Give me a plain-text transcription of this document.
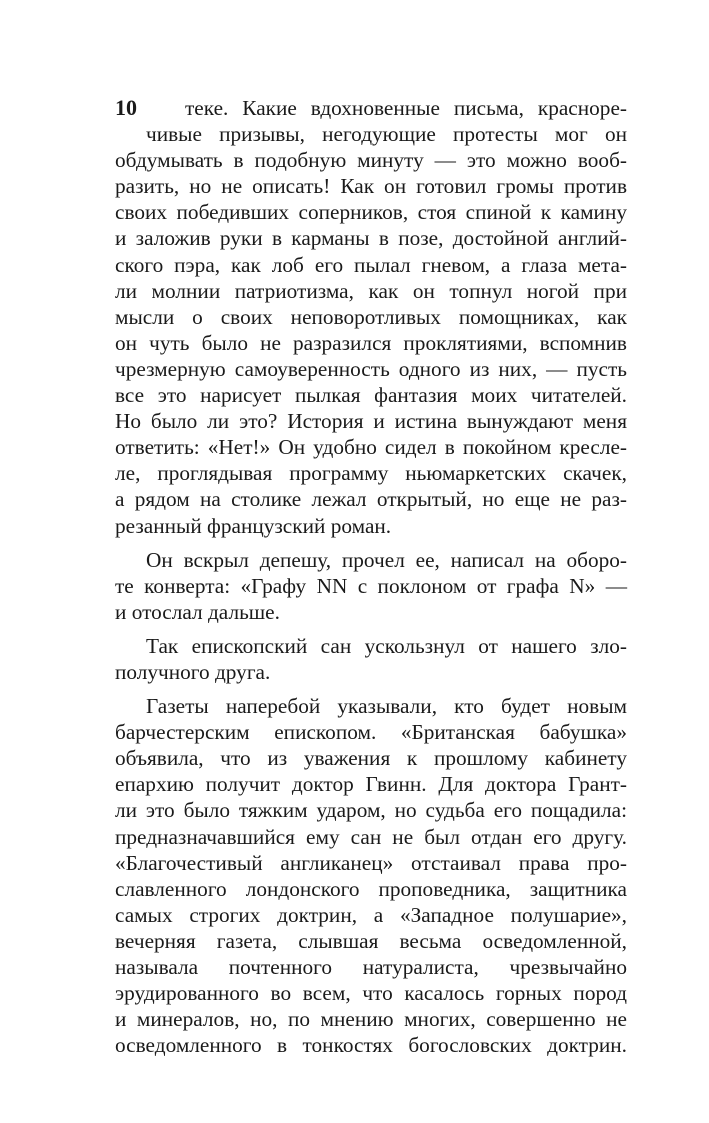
10	теке. Какие вдохновенные письма, красноре-
чивые призывы, негодующие протесты мог он
обдумывать в подобную минуту — это можно вооб-
разить, но не описать! Как он готовил громы против
своих победивших соперников, стоя спиной к камину
и заложив руки в карманы в позе, достойной англий-
ского пэра, как лоб его пылал гневом, а глаза мета-
ли молнии патриотизма, как он топнул ногой при
мысли о своих неповоротливых помощниках, как
он чуть было не разразился проклятиями, вспомнив
чрезмерную самоуверенность одного из них, — пусть
все это нарисует пылкая фантазия моих читателей.
Но было ли это? История и истина вынуждают меня
ответить: «Нет!» Он удобно сидел в покойном кресле-
ле, проглядывая программу ньюмаркетских скачек,
а рядом на столике лежал открытый, но еще не раз-
резанный французский роман.
Он вскрыл депешу, прочел ее, написал на оборо-
те конверта: «Графу NN с поклоном от графа N» —
и отослал дальше.
Так епископский сан ускользнул от нашего зло-
получного друга.
Газеты наперебой указывали, кто будет новым
барчестерским епископом. «Британская бабушка»
объявила, что из уважения к прошлому кабинету
епархию получит доктор Гвинн. Для доктора Грант-
ли это было тяжким ударом, но судьба его пощадила:
предназначавшийся ему сан не был отдан его другу.
«Благочестивый англиканец» отстаивал права про-
славленного лондонского проповедника, защитника
самых строгих доктрин, а «Западное полушарие»,
вечерняя газета, слывшая весьма осведомленной,
называла почтенного натуралиста, чрезвычайно
эрудированного во всем, что касалось горных пород
и минералов, но, по мнению многих, совершенно не
осведомленного в тонкостях богословских доктрин.
